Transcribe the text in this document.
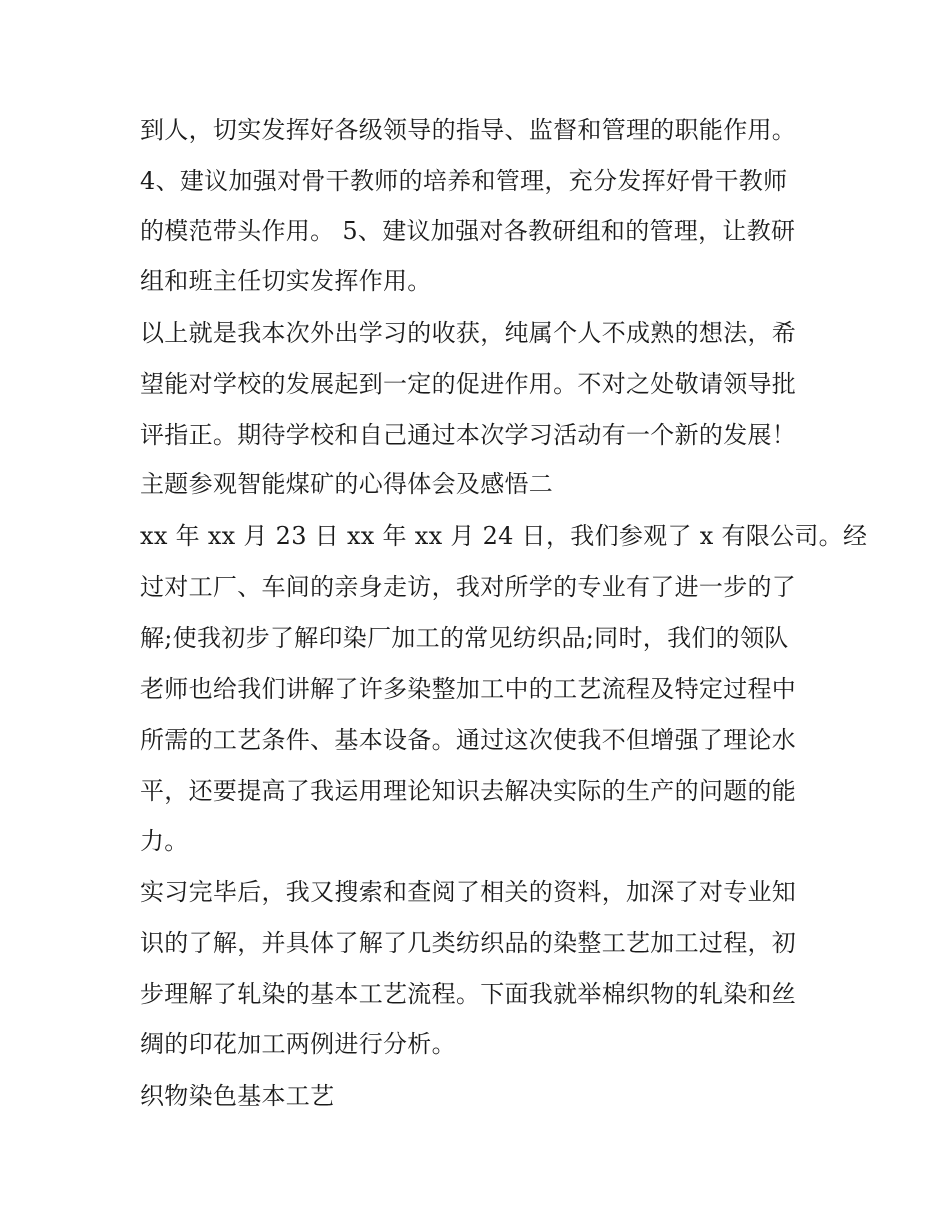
到人，切实发挥好各级领导的指导、监督和管理的职能作用。
4、建议加强对骨干教师的培养和管理，充分发挥好骨干教师
的模范带头作用。 5、建议加强对各教研组和的管理，让教研
组和班主任切实发挥作用。
以上就是我本次外出学习的收获，纯属个人不成熟的想法，希
望能对学校的发展起到一定的促进作用。不对之处敬请领导批
评指正。期待学校和自己通过本次学习活动有一个新的发展！
主题参观智能煤矿的心得体会及感悟二
xx 年 xx 月 23 日 xx 年 xx 月 24 日，我们参观了 x 有限公司。经
过对工厂、车间的亲身走访，我对所学的专业有了进一步的了
解;使我初步了解印染厂加工的常见纺织品;同时，我们的领队
老师也给我们讲解了许多染整加工中的工艺流程及特定过程中
所需的工艺条件、基本设备。通过这次使我不但增强了理论水
平，还要提高了我运用理论知识去解决实际的生产的问题的能
力。
实习完毕后，我又搜索和查阅了相关的资料，加深了对专业知
识的了解，并具体了解了几类纺织品的染整工艺加工过程，初
步理解了轧染的基本工艺流程。下面我就举棉织物的轧染和丝
绸的印花加工两例进行分析。
织物染色基本工艺
